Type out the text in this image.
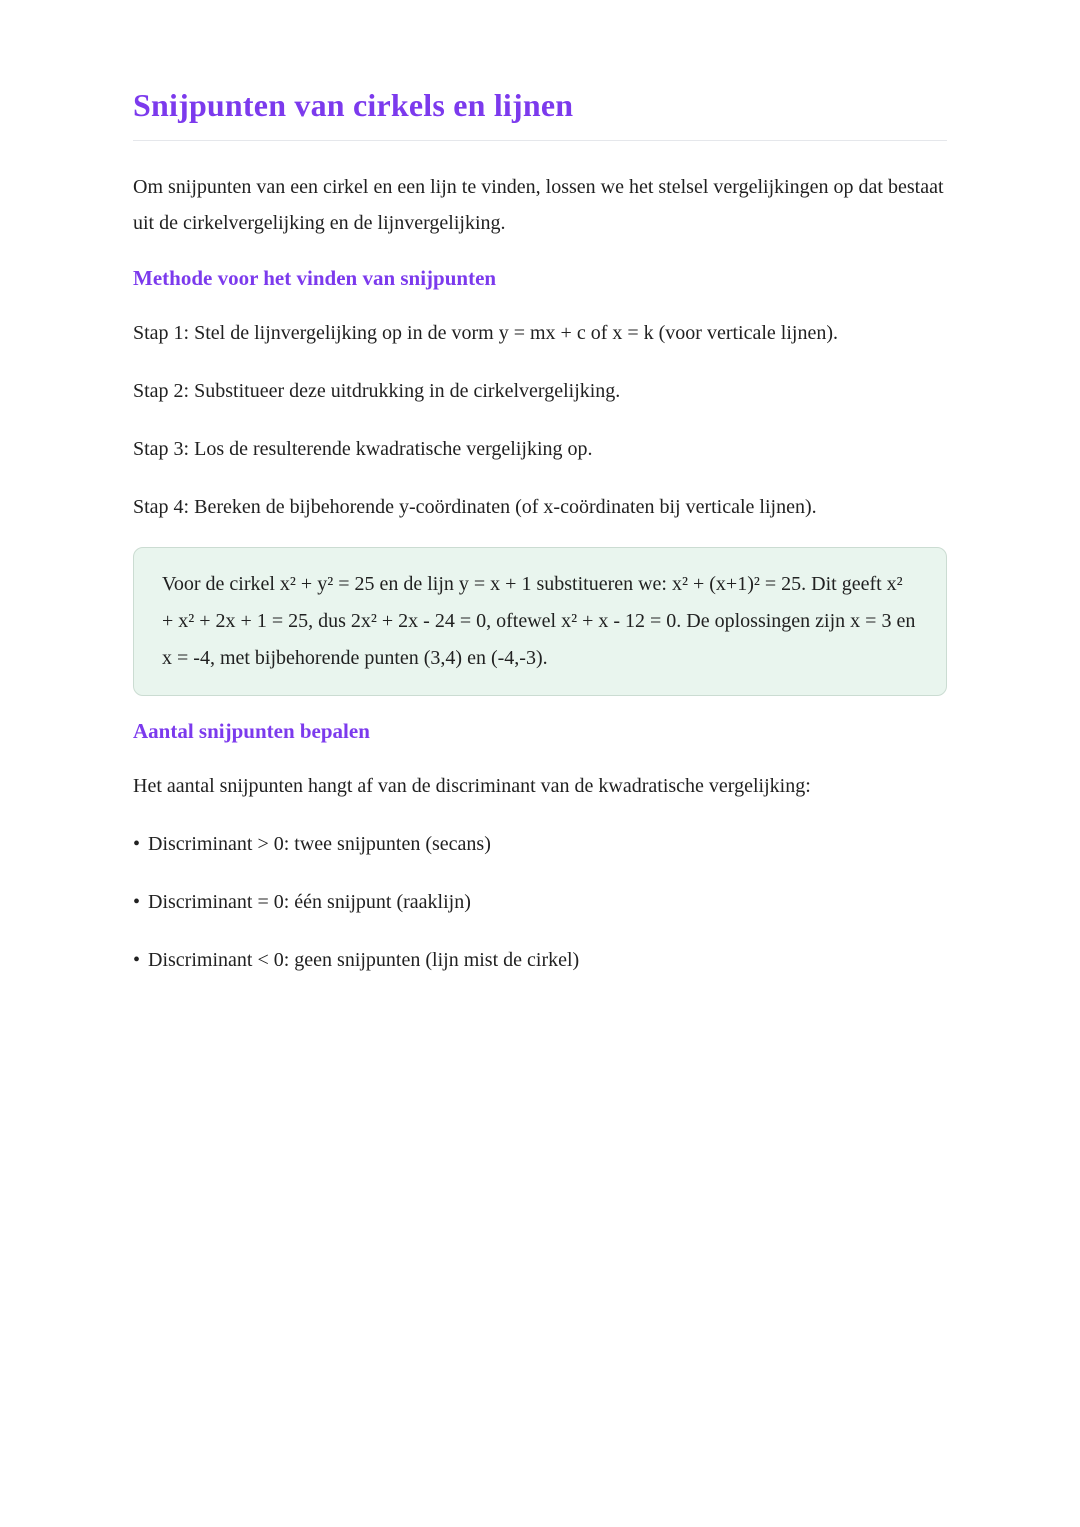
Snijpunten van cirkels en lijnen

Om snijpunten van een cirkel en een lijn te vinden, lossen we het stelsel vergelijkingen op dat bestaat uit de cirkelvergelijking en de lijnvergelijking.

Methode voor het vinden van snijpunten

Stap 1: Stel de lijnvergelijking op in de vorm y = mx + c of x = k (voor verticale lijnen).

Stap 2: Substitueer deze uitdrukking in de cirkelvergelijking.

Stap 3: Los de resulterende kwadratische vergelijking op.

Stap 4: Bereken de bijbehorende y-coördinaten (of x-coördinaten bij verticale lijnen).

Voor de cirkel x² + y² = 25 en de lijn y = x + 1 substitueren we: x² + (x+1)² = 25. Dit geeft x² + x² + 2x + 1 = 25, dus 2x² + 2x - 24 = 0, oftewel x² + x - 12 = 0. De oplossingen zijn x = 3 en x = -4, met bijbehorende punten (3,4) en (-4,-3).

Aantal snijpunten bepalen

Het aantal snijpunten hangt af van de discriminant van de kwadratische vergelijking:

• Discriminant > 0: twee snijpunten (secans)

• Discriminant = 0: één snijpunt (raaklijn)

• Discriminant < 0: geen snijpunten (lijn mist de cirkel)
